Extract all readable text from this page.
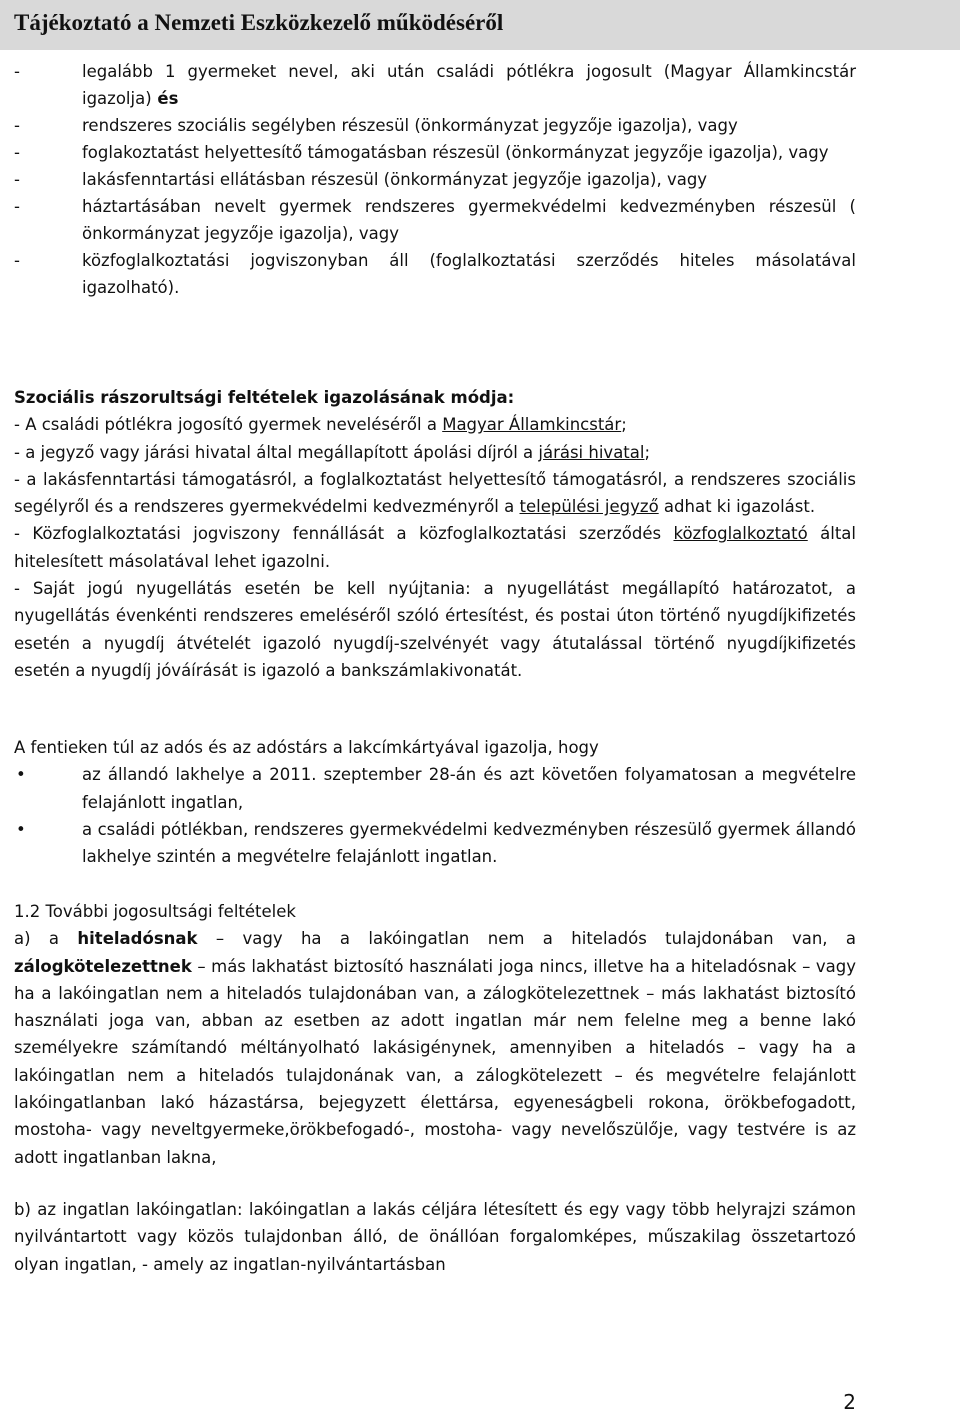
Tájékoztató a Nemzeti Eszközkezelő működéséről
-	legalább 1 gyermeket nevel, aki után családi pótlékra jogosult (Magyar Államkincstár igazolja) és
-	rendszeres szociális segélyben részesül (önkormányzat jegyzője igazolja), vagy
-	foglakoztatást helyettesítő támogatásban részesül (önkormányzat jegyzője igazolja), vagy
-	lakásfenntartási ellátásban részesül (önkormányzat jegyzője igazolja), vagy
-	háztartásában nevelt gyermek rendszeres gyermekvédelmi kedvezményben részesül ( önkormányzat jegyzője igazolja), vagy
-	közfoglalkoztatási jogviszonyban áll (foglalkoztatási szerződés hiteles másolatával igazolható).
Szociális rászorultsági feltételek igazolásának módja:
- A családi pótlékra jogosító gyermek neveléséről a Magyar Államkincstár;
- a jegyző vagy járási hivatal által megállapított ápolási díjról a járási hivatal;
- a lakásfenntartási támogatásról, a foglalkoztatást helyettesítő támogatásról, a rendszeres szociális segélyről és a rendszeres gyermekvédelmi kedvezményről a települési jegyző adhat ki igazolást.
- Közfoglalkoztatási jogviszony fennállását a közfoglalkoztatási szerződés közfoglalkoztató által hitelesített másolatával lehet igazolni.
- Saját jogú nyugellátás esetén be kell nyújtania: a nyugellátást megállapító határozatot, a nyugellátás évenkénti rendszeres emeléséről szóló értesítést, és postai úton történő nyugdíjkifizetés esetén a nyugdíj átvételét igazoló nyugdíj-szelvényét vagy átutalással történő nyugdíjkifizetés esetén a nyugdíj jóváírását is igazoló a bankszámlakivonatát.
A fentieken túl az adós és az adóstárs a lakcímkártyával igazolja, hogy
•	az állandó lakhelye a 2011. szeptember 28-án és azt követően folyamatosan a megvételre felajánlott ingatlan,
•	a családi pótlékban, rendszeres gyermekvédelmi kedvezményben részesülő gyermek állandó lakhelye szintén a megvételre felajánlott ingatlan.
1.2 További jogosultsági feltételek
a) a hiteladósnak – vagy ha a lakóingatlan nem a hiteladós tulajdonában van, a zálogkötelezettnek – más lakhatást biztosító használati joga nincs, illetve ha a hiteladósnak – vagy ha a lakóingatlan nem a hiteladós tulajdonában van, a zálogkötelezettnek – más lakhatást biztosító használati joga van, abban az esetben az adott ingatlan már nem felelne meg a benne lakó személyekre számítandó méltányolható lakásigénynek, amennyiben a hiteladós – vagy ha a lakóingatlan nem a hiteladós tulajdonának van, a zálogkötelezett – és megvételre felajánlott lakóingatlanban lakó házastársa, bejegyzett élettársa, egyeneságbeli rokona, örökbefogadott, mostoha- vagy neveltgyermeke,örökbefogadó-, mostoha- vagy nevelőszülője, vagy testvére is az adott ingatlanban lakna,
b) az ingatlan lakóingatlan: lakóingatlan a lakás céljára létesített és egy vagy több helyrajzi számon nyilvántartott vagy közös tulajdonban álló, de önállóan forgalomképes, műszakilag összetartozó olyan ingatlan, - amely az ingatlan-nyilvántartásban
2
